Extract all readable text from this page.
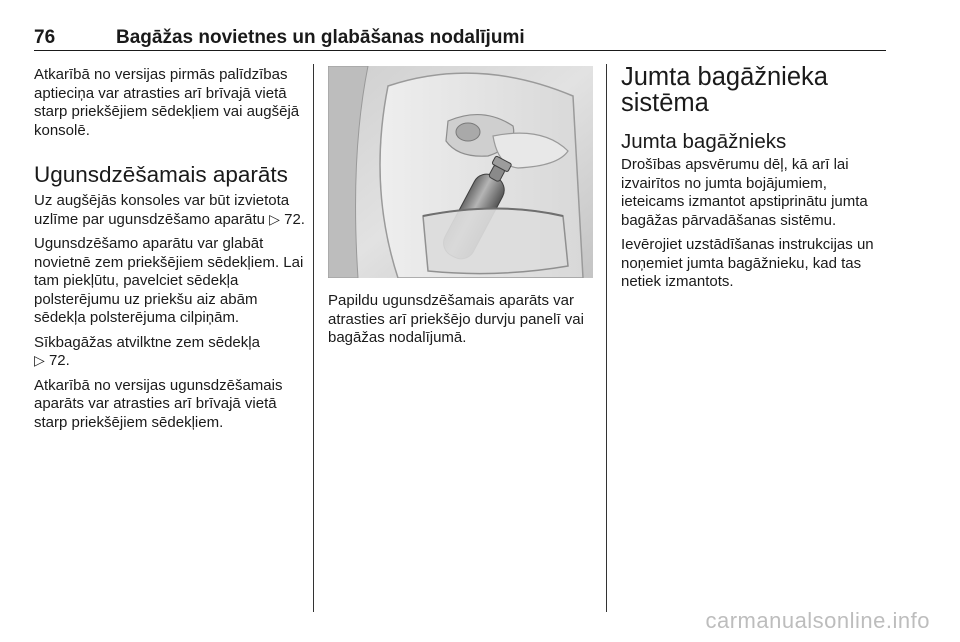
76	Bagāžas novietnes un glabāšanas nodalījumi

Atkarībā no versijas pirmās palīdzības aptieciņa var atrasties arī brīvajā vietā starp priekšējiem sēdekļiem vai augšējā konsolē.

Ugunsdzēšamais aparāts

Uz augšējās konsoles var būt izvietota uzlīme par ugunsdzēšamo aparātu ▷ 72.

Ugunsdzēšamo aparātu var glabāt novietnē zem priekšējiem sēdekļiem. Lai tam piekļūtu, pavelciet sēdekļa polsterējumu uz priekšu aiz abām sēdekļa polsterējuma cilpiņām.

Sīkbagāžas atvilktne zem sēdekļa
▷ 72.

Atkarībā no versijas ugunsdzēšamais aparāts var atrasties arī brīvajā vietā starp priekšējiem sēdekļiem.

Papildu ugunsdzēšamais aparāts var atrasties arī priekšējo durvju panelī vai bagāžas nodalījumā.

Jumta bagāžnieka sistēma
Jumta bagāžnieks

Drošības apsvērumu dēļ, kā arī lai izvairītos no jumta bojājumiem, ieteicams izmantot apstiprinātu jumta bagāžas pārvadāšanas sistēmu.

Ievērojiet uzstādīšanas instrukcijas un noņemiet jumta bagāžnieku, kad tas netiek izmantots.

carmanualsonline.info
